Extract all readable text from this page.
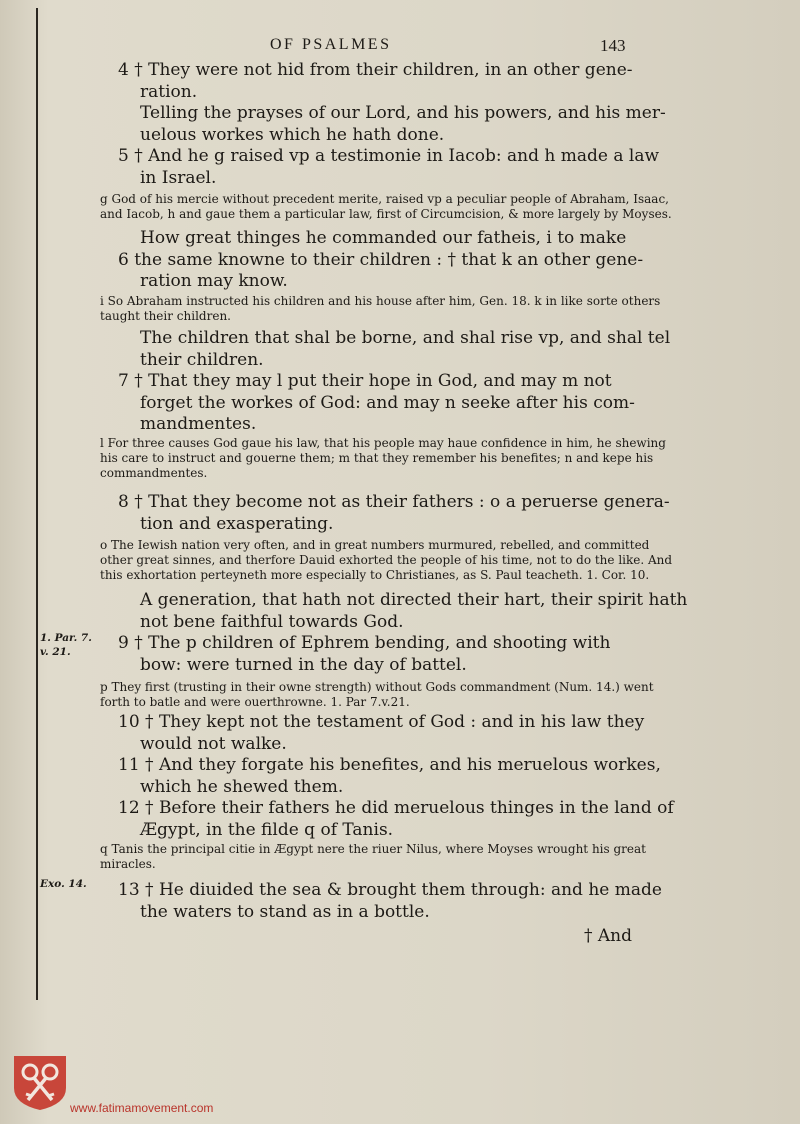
OF PSALMES	143
4 † They were not hid from their children, in an other gene-
ration.
Telling the prayses of our Lord, and his powers, and his mer-
uelous workes which he hath done.
5 † And he g raised vp a testimonie in Iacob: and h made a law
in Israel.
g God of his mercie without precedent merite, raised vp a peculiar people of Abraham, Isaac,
and Iacob, h and gaue them a particular law, first of Circumcision, & more largely by Moyses.
How great thinges he commanded our fatheis, i to make
6 the same knowne to their children : † that k an other gene-
ration may know.
i So Abraham instructed his children and his house after him, Gen. 18. k in like sorte others
taught their children.
The children that shal be borne, and shal rise vp, and shal tel
their children.
7 † That they may l put their hope in God, and may m not
forget the workes of God: and may n seeke after his com-
mandmentes.
l For three causes God gaue his law, that his people may haue confidence in him, he shewing
his care to instruct and gouerne them; m that they remember his benefites; n and kepe his
commandmentes.
8 † That they become not as their fathers : o a peruerse genera-
tion and exasperating.
o The Iewish nation very often, and in great numbers murmured, rebelled, and committed
other great sinnes, and therfore Dauid exhorted the people of his time, not to do the like. And
this exhortation perteyneth more especially to Christianes, as S. Paul teacheth. 1. Cor. 10.
A generation, that hath not directed their hart, their spirit hath
not bene faithful towards God.
9 † The p children of Ephrem bending, and shooting with
bow: were turned in the day of battel.
1. Par. 7.
v. 21.
p They first (trusting in their owne strength) without Gods commandment (Num. 14.) went
forth to batle and were ouerthrowne. 1. Par 7.v.21.
10 † They kept not the testament of God : and in his law they
would not walke.
11 † And they forgate his benefites, and his meruelous workes,
which he shewed them.
12 † Before their fathers he did meruelous thinges in the land of
Ægypt, in the filde q of Tanis.
q Tanis the principal citie in Ægypt nere the riuer Nilus, where Moyses wrought his great
miracles.
Exo. 14. 13 † He diuided the sea & brought them through: and he made
the waters to stand as in a bottle.
† And
www.fatimamovement.com
